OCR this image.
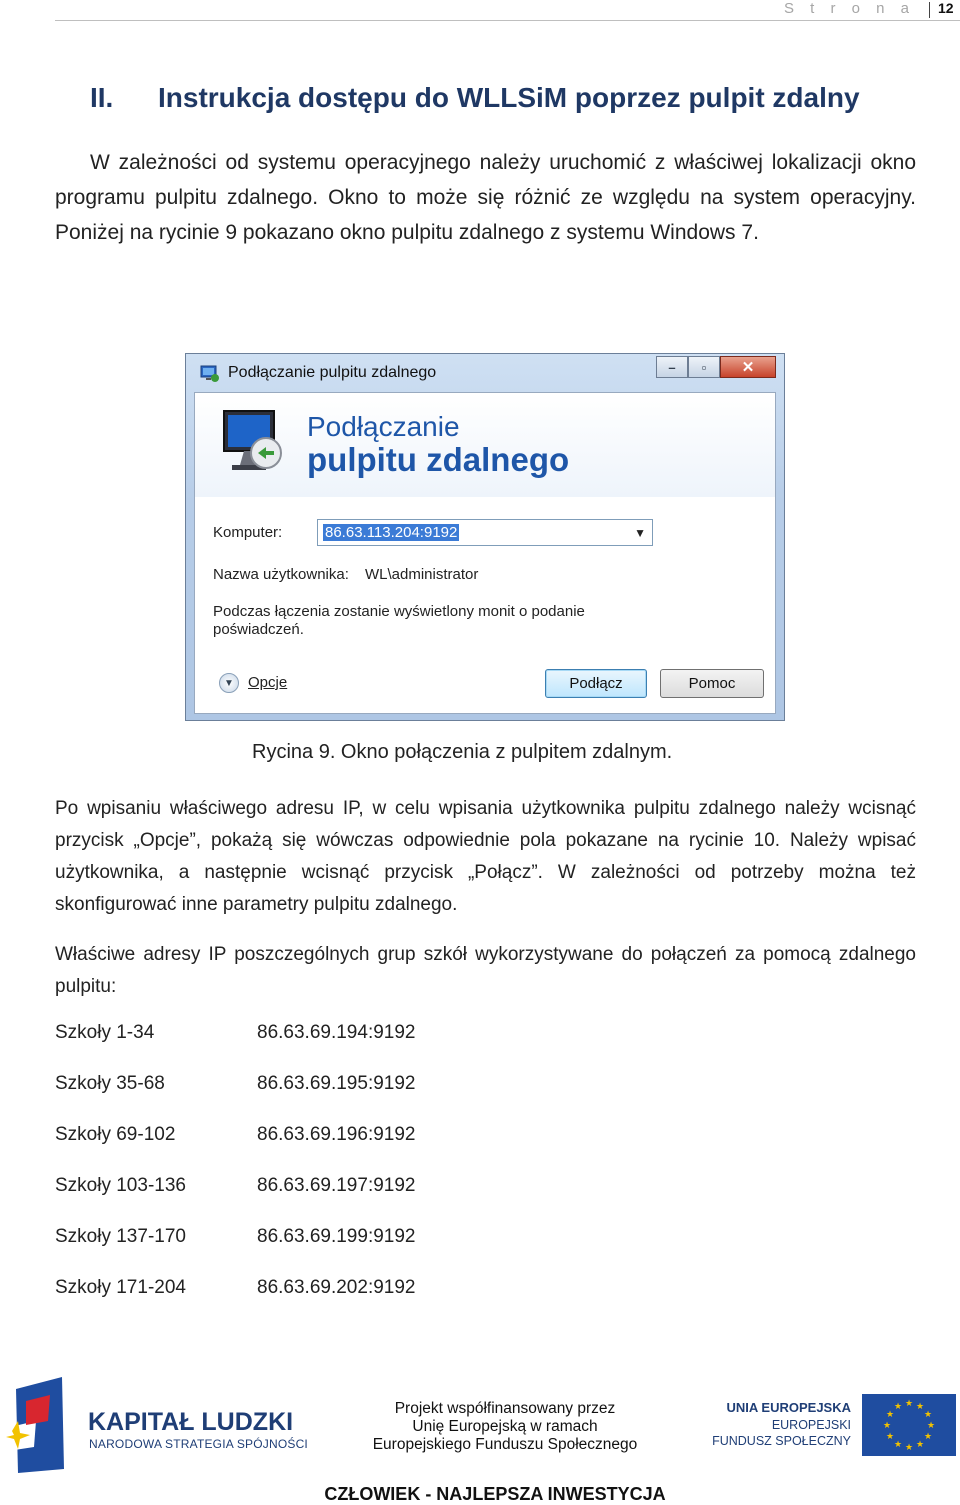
S t r o n a 12
II. Instrukcja dostępu do WLLSiM poprzez pulpit zdalny
W zależności od systemu operacyjnego należy uruchomić z właściwej lokalizacji okno programu pulpitu zdalnego. Okno to może się różnić ze względu na system operacyjny. Poniżej na rycinie 9 pokazano okno pulpitu zdalnego z systemu Windows 7.
Podłączanie pulpitu zdalnego	–	▫	✕
Podłączanie
pulpitu zdalnego
Komputer:	86.63.113.204:9192	▼
Nazwa użytkownika: WL\administrator
Podczas łączenia zostanie wyświetlony monit o podanie poświadczeń.
▼ Opcje	Podłącz	Pomoc
Rycina 9. Okno połączenia z pulpitem zdalnym.
Po wpisaniu właściwego adresu IP, w celu wpisania użytkownika pulpitu zdalnego należy wcisnąć przycisk „Opcje”, pokażą się wówczas odpowiednie pola pokazane na rycinie 10. Należy wpisać użytkownika, a następnie wcisnąć przycisk „Połącz”. W zależności od potrzeby można też skonfigurować inne parametry pulpitu zdalnego.
Właściwe adresy IP poszczególnych grup szkół wykorzystywane do połączeń za pomocą zdalnego pulpitu:
Szkoły 1-34	86.63.69.194:9192
Szkoły 35-68	86.63.69.195:9192
Szkoły 69-102	86.63.69.196:9192
Szkoły 103-136	86.63.69.197:9192
Szkoły 137-170	86.63.69.199:9192
Szkoły 171-204	86.63.69.202:9192
KAPITAŁ LUDZKI
NARODOWA STRATEGIA SPÓJNOŚCI
Projekt współfinansowany przez
Unię Europejską w ramach
Europejskiego Funduszu Społecznego
UNIA EUROPEJSKA
EUROPEJSKI
FUNDUSZ SPOŁECZNY
★ ★
★
★
★
★
★
★
★
★
★
★
CZŁOWIEK - NAJLEPSZA INWESTYCJA
